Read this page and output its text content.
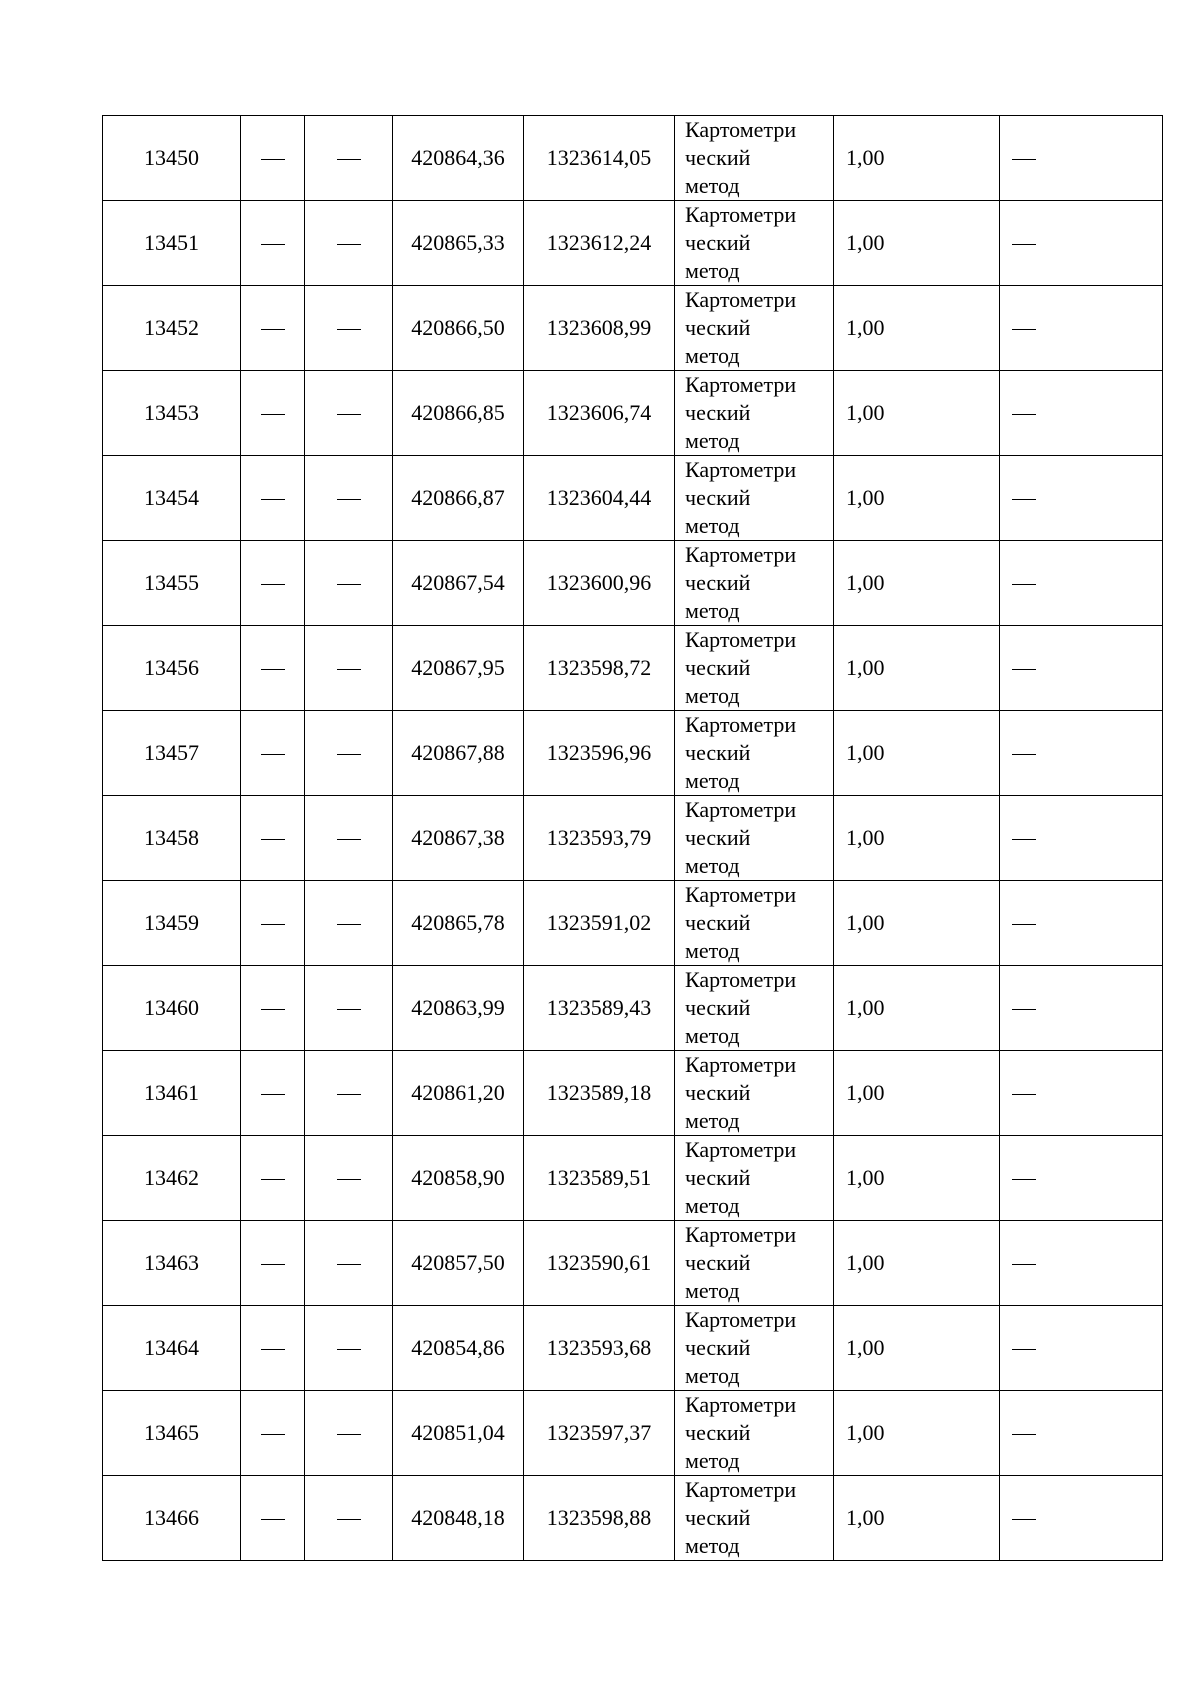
13450			420864,36	1323614,05	Картометри
ческий
метод	1,00	
13451			420865,33	1323612,24	Картометри
ческий
метод	1,00	
13452			420866,50	1323608,99	Картометри
ческий
метод	1,00	
13453			420866,85	1323606,74	Картометри
ческий
метод	1,00	
13454			420866,87	1323604,44	Картометри
ческий
метод	1,00	
13455			420867,54	1323600,96	Картометри
ческий
метод	1,00	
13456			420867,95	1323598,72	Картометри
ческий
метод	1,00	
13457			420867,88	1323596,96	Картометри
ческий
метод	1,00	
13458			420867,38	1323593,79	Картометри
ческий
метод	1,00	
13459			420865,78	1323591,02	Картометри
ческий
метод	1,00	
13460			420863,99	1323589,43	Картометри
ческий
метод	1,00	
13461			420861,20	1323589,18	Картометри
ческий
метод	1,00	
13462			420858,90	1323589,51	Картометри
ческий
метод	1,00	
13463			420857,50	1323590,61	Картометри
ческий
метод	1,00	
13464			420854,86	1323593,68	Картометри
ческий
метод	1,00	
13465			420851,04	1323597,37	Картометри
ческий
метод	1,00	
13466			420848,18	1323598,88	Картометри
ческий
метод	1,00	
